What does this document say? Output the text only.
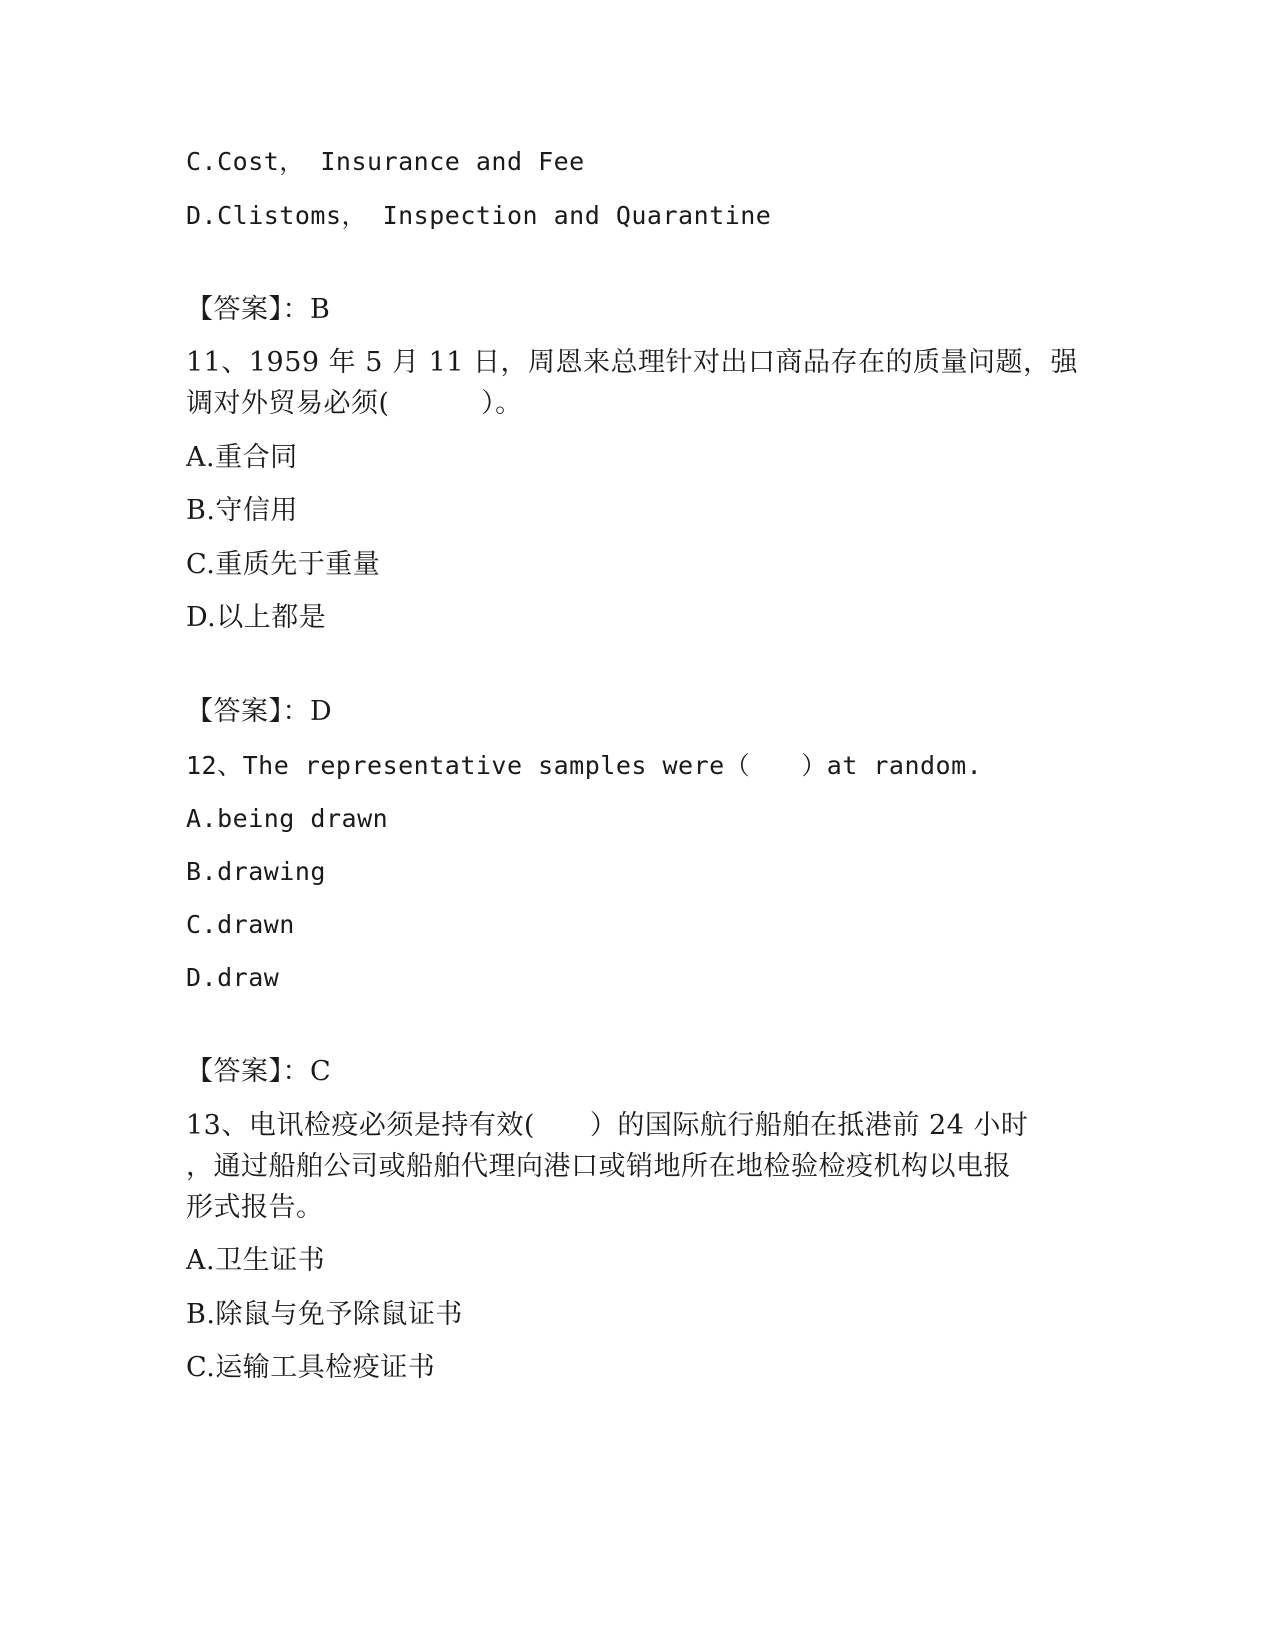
C.Cost， Insurance and Fee
D.Clistoms， Inspection and Quarantine
【答案】：B
11、1959 年 5 月 11 日，周恩来总理针对出口商品存在的质量问题，强
调对外贸易必须(　　　 ）。
A.重合同
B.守信用
C.重质先于重量
D.以上都是
【答案】：D
12、The representative samples were（　　）at random.
A.being drawn
B.drawing
C.drawn
D.draw
【答案】：C
13、电讯检疫必须是持有效(　　）的国际航行船舶在抵港前 24 小时
，通过船舶公司或船舶代理向港口或销地所在地检验检疫机构以电报
形式报告。
A.卫生证书
B.除鼠与免予除鼠证书
C.运输工具检疫证书
